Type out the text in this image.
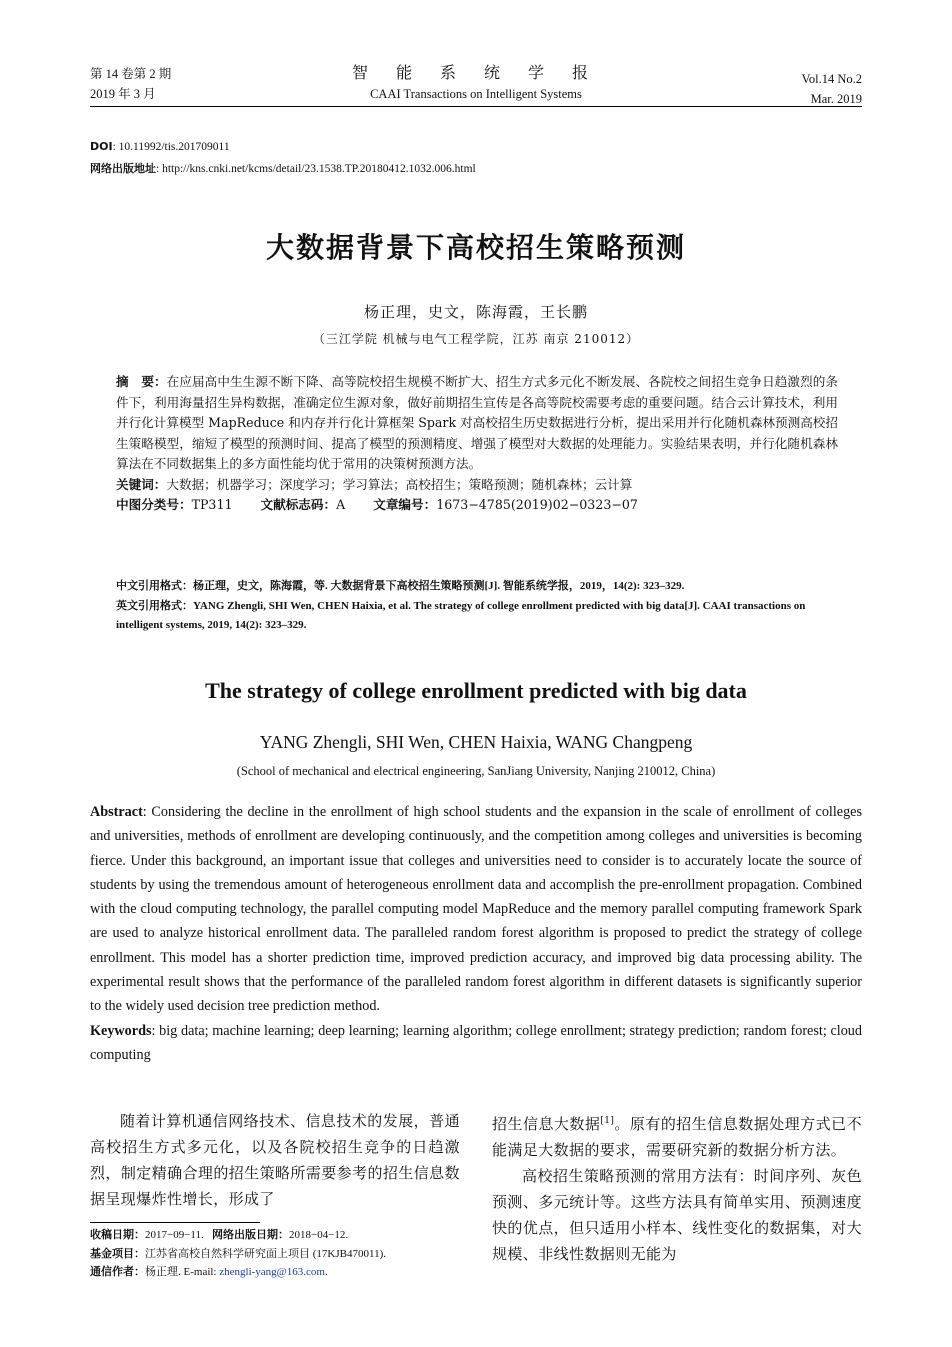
第 14 卷第 2 期
2019 年 3 月
智 能 系 统 学 报
CAAI Transactions on Intelligent Systems
Vol.14 No.2
Mar. 2019
DOI: 10.11992/tis.201709011
网络出版地址: http://kns.cnki.net/kcms/detail/23.1538.TP.20180412.1032.006.html
大数据背景下高校招生策略预测
杨正理，史文，陈海霞，王长鹏
（三江学院 机械与电气工程学院，江苏 南京 210012）

摘　要：在应届高中生生源不断下降、高等院校招生规模不断扩大、招生方式多元化不断发展、各院校之间招生竞争日趋激烈的条件下，利用海量招生异构数据，准确定位生源对象，做好前期招生宣传是各高等院校需要考虑的重要问题。结合云计算技术，利用并行化计算模型 MapReduce 和内存并行化计算框架 Spark 对高校招生历史数据进行分析，提出采用并行化随机森林预测高校招生策略模型，缩短了模型的预测时间、提高了模型的预测精度、增强了模型对大数据的处理能力。实验结果表明，并行化随机森林算法在不同数据集上的多方面性能均优于常用的决策树预测方法。

关键词：大数据；机器学习；深度学习；学习算法；高校招生；策略预测；随机森林；云计算

中图分类号：TP311 文献标志码：A 文章编号：1673−4785(2019)02−0323−07

中文引用格式：杨正理，史文，陈海霞，等. 大数据背景下高校招生策略预测[J]. 智能系统学报，2019，14(2): 323–329.

英文引用格式：YANG Zhengli, SHI Wen, CHEN Haixia, et al. The strategy of college enrollment predicted with big data[J]. CAAI transactions on intelligent systems, 2019, 14(2): 323–329.

The strategy of college enrollment predicted with big data
YANG Zhengli, SHI Wen, CHEN Haixia, WANG Changpeng
(School of mechanical and electrical engineering, SanJiang University, Nanjing 210012, China)

Abstract: Considering the decline in the enrollment of high school students and the expansion in the scale of enrollment of colleges and universities, methods of enrollment are developing continuously, and the competition among colleges and universities is becoming fierce. Under this background, an important issue that colleges and universities need to consider is to accurately locate the source of students by using the tremendous amount of heterogeneous enrollment data and accomplish the pre-enrollment propagation. Combined with the cloud computing technology, the parallel computing model MapReduce and the memory parallel computing framework Spark are used to analyze historical enrollment data. The paralleled random forest algorithm is proposed to predict the strategy of college enrollment. This model has a shorter prediction time, improved prediction accuracy, and improved big data processing ability. The experimental result shows that the performance of the paralleled random forest algorithm in different datasets is significantly superior to the widely used decision tree prediction method.

Keywords: big data; machine learning; deep learning; learning algorithm; college enrollment; strategy prediction; random forest; cloud computing

随着计算机通信网络技术、信息技术的发展，普通高校招生方式多元化，以及各院校招生竞争的日趋激烈，制定精确合理的招生策略所需要参考的招生信息数据呈现爆炸性增长，形成了

招生信息大数据[1]。原有的招生信息数据处理方式已不能满足大数据的要求，需要研究新的数据分析方法。

高校招生策略预测的常用方法有：时间序列、灰色预测、多元统计等。这些方法具有简单实用、预测速度快的优点，但只适用小样本、线性变化的数据集，对大规模、非线性数据则无能为

收稿日期：2017−09−11. 网络出版日期：2018−04−12.

基金项目：江苏省高校自然科学研究面上项目 (17KJB470011).

通信作者：杨正理. E-mail: zhengli-yang@163.com.
